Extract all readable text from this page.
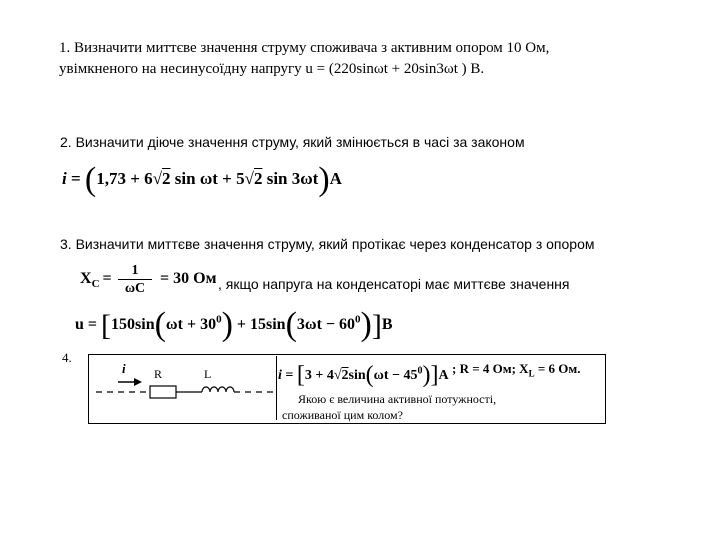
1. Визначити миттєве значення струму споживача з активним опором 10 Ом,
увімкненого на несинусоїдну напругу u = (220sinωt + 20sin3ωt ) В.
2. Визначити діюче значення струму, який змінюється в часі за законом
i = (1,73 + 6√2 sin ωt + 5√2 sin 3ωt)A
3. Визначити миттєве значення струму, який протікає через конденсатор з опором
$X_C = \frac{1}{\omega C} = 30$ Ом , якщо напруга на конденсаторі має миттєве значення
$u = [150\sin(\omega t + 30^0) + 15\sin(3\omega t - 60^0)]В$
4.
i R	L	$i = [3 + 4√2\sin(\omega t - 45^0)]A$ ; R = 4 Ом; $X_L = 6$ Ом.
Якою є величина активної потужності,
споживаної цим колом?
